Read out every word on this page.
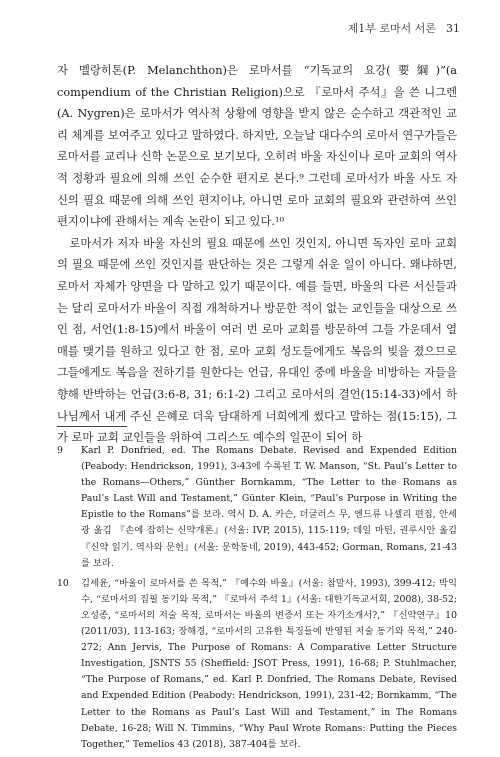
제1부 로마서 서론 31

자 멜랑히톤(P. Melanchthon)은 로마서를 “기독교의 요강(要綱)”(a compendium of the Christian Religion)으로 『로마서 주석』을 쓴 니그렌(A. Nygren)은 로마서가 역사적 상황에 영향을 받지 않은 순수하고 객관적인 교리 체계를 보여주고 있다고 말하였다. 하지만, 오늘날 대다수의 로마서 연구가들은 로마서를 교리나 신학 논문으로 보기보다, 오히려 바울 자신이나 로마 교회의 역사적 정황과 필요에 의해 쓰인 순수한 편지로 본다.⁹ 그런데 로마서가 바울 사도 자신의 필요 때문에 의해 쓰인 편지이냐, 아니면 로마 교회의 필요와 관련하여 쓰인 편지이냐에 관해서는 계속 논란이 되고 있다.¹⁰

로마서가 저자 바울 자신의 필요 때문에 쓰인 것인지, 아니면 독자인 로마 교회의 필요 때문에 쓰인 것인지를 판단하는 것은 그렇게 쉬운 일이 아니다. 왜냐하면, 로마서 자체가 양면을 다 말하고 있기 때문이다. 예를 들면, 바울의 다른 서신들과는 달리 로마서가 바울이 직접 개척하거나 방문한 적이 없는 교인들을 대상으로 쓰인 점, 서언(1:8-15)에서 바울이 여러 번 로마 교회를 방문하여 그들 가운데서 열매를 맺기를 원하고 있다고 한 점, 로마 교회 성도들에게도 복음의 빚을 졌으므로 그들에게도 복음을 전하기를 원한다는 언급, 유대인 중에 바울을 비방하는 자들을 향해 반박하는 언급(3:6-8, 31; 6:1-2) 그리고 로마서의 결언(15:14-33)에서 하나님께서 내게 주신 은혜로 더욱 담대하게 너희에게 썼다고 말하는 점(15:15), 그가 로마 교회 교인들을 위하여 그리스도 예수의 일꾼이 되어 하

9	Karl P. Donfried, ed. The Romans Debate. Revised and Expended Edition (Peabody: Hendrickson, 1991), 3-43에 수록된 T. W. Manson, “St. Paul’s Letter to the Romans—Others,” Günther Bornkamm, “The Letter to the Romans as Paul’s Last Will and Testament,” Günter Klein, “Paul’s Purpose in Writing the Epistle to the Romans”를 보라. 역시 D. A. 카슨, 더글러스 무, 엔드류 나셀리 편집, 안세광 옮김 『손에 잡히는 신약개론』(서울: IVP, 2015), 115-119; 데일 마틴, 권루시안 옮김 『신약 읽기. 역사와 문헌』(서울: 문학동네, 2019), 443-452; Gorman, Romans, 21-43를 보라.

10	김세윤, “바울이 로마서를 쓴 목적,” 『예수와 바울』(서울: 참말사, 1993), 399-412; 박익수, “로마서의 집필 동기와 목적,” 『로마서 주석 1』(서울: 대한기독교서회, 2008), 38-52; 오성종, “로마서의 저술 목적, 로마서는 바울의 변증서 또는 자기소개서?,” 『신약연구』10 (2011/03), 113-163; 장해경, “로마서의 고유한 특징들에 반영된 저술 동기와 목적,” 240-272; Ann Jervis, The Purpose of Romans: A Comparative Letter Structure Investigation, JSNTS 55 (Sheffield: JSOT Press, 1991), 16-68; P. Stuhlmacher, “The Purpose of Romans,” ed. Karl P. Donfried, The Romans Debate, Revised and Expended Edition (Peabody: Hendrickson, 1991), 231-42; Bornkamm, “The Letter to the Romans as Paul’s Last Will and Testament,” in The Romans Debate, 16-28; Will N. Timmins, “Why Paul Wrote Romans: Putting the Pieces Together,” Temelios 43 (2018), 387-404를 보라.
